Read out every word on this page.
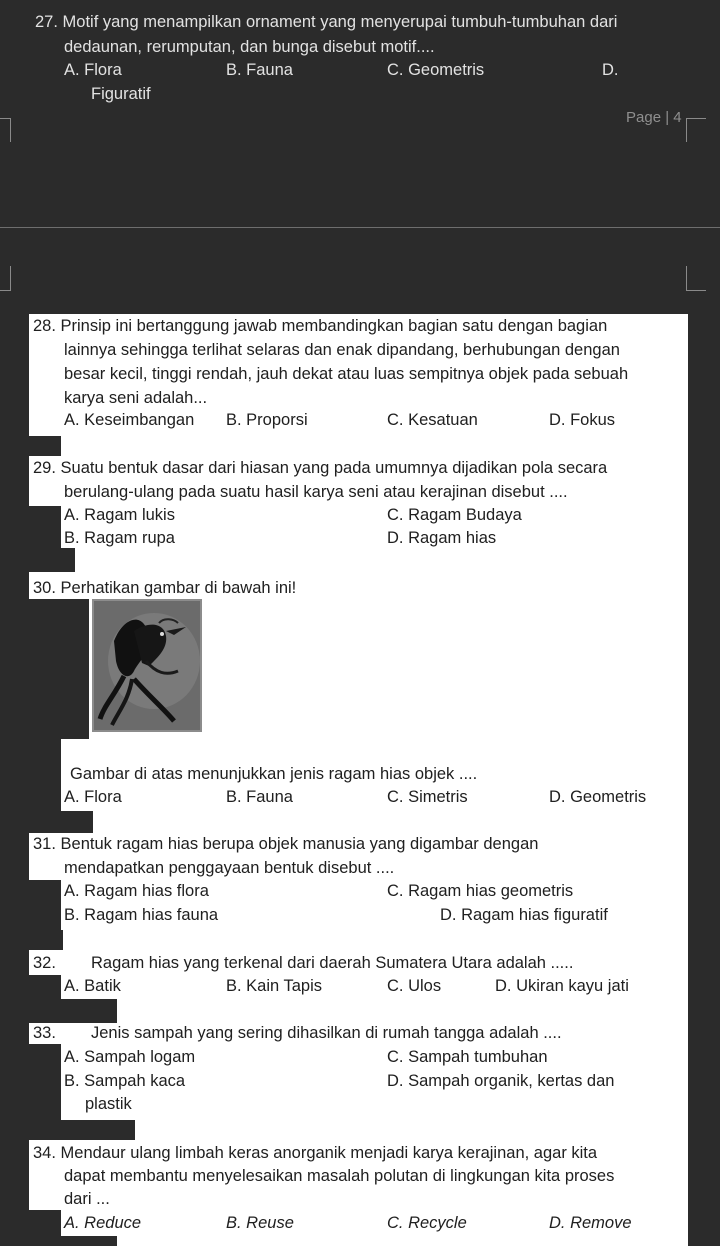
27. Motif yang menampilkan ornament yang menyerupai tumbuh-tumbuhan dari
dedaunan, rerumputan, dan bunga disebut motif....
A. Flora	B. Fauna	C. Geometris	D.
Figuratif
Page | 4
28. Prinsip ini bertanggung jawab membandingkan bagian satu dengan bagian
lainnya sehingga terlihat selaras dan enak dipandang, berhubungan dengan
besar kecil, tinggi rendah, jauh dekat atau luas sempitnya objek pada sebuah
karya seni adalah...
A. Keseimbangan B. Proporsi	C. Kesatuan	D. Fokus
29. Suatu bentuk dasar dari hiasan yang pada umumnya dijadikan pola secara
berulang-ulang pada suatu hasil karya seni atau kerajinan disebut ....
A. Ragam lukis	C. Ragam Budaya
B. Ragam rupa	D. Ragam hias
30. Perhatikan gambar di bawah ini!
Gambar di atas menunjukkan jenis ragam hias objek ....
A. Flora	B. Fauna	C. Simetris	D. Geometris
31. Bentuk ragam hias berupa objek manusia yang digambar dengan
mendapatkan penggayaan bentuk disebut ....
A. Ragam hias flora	C. Ragam hias geometris
B. Ragam hias fauna	D. Ragam hias figuratif
32. Ragam hias yang terkenal dari daerah Sumatera Utara adalah .....
A. Batik	B. Kain Tapis	C. Ulos	D. Ukiran kayu jati
33. Jenis sampah yang sering dihasilkan di rumah tangga adalah ....
A. Sampah logam	C. Sampah tumbuhan
B. Sampah kaca	D. Sampah organik, kertas dan
plastik
34. Mendaur ulang limbah keras anorganik menjadi karya kerajinan, agar kita
dapat membantu menyelesaikan masalah polutan di lingkungan kita proses
dari ...
A. Reduce	B. Reuse	C. Recycle	D. Remove
